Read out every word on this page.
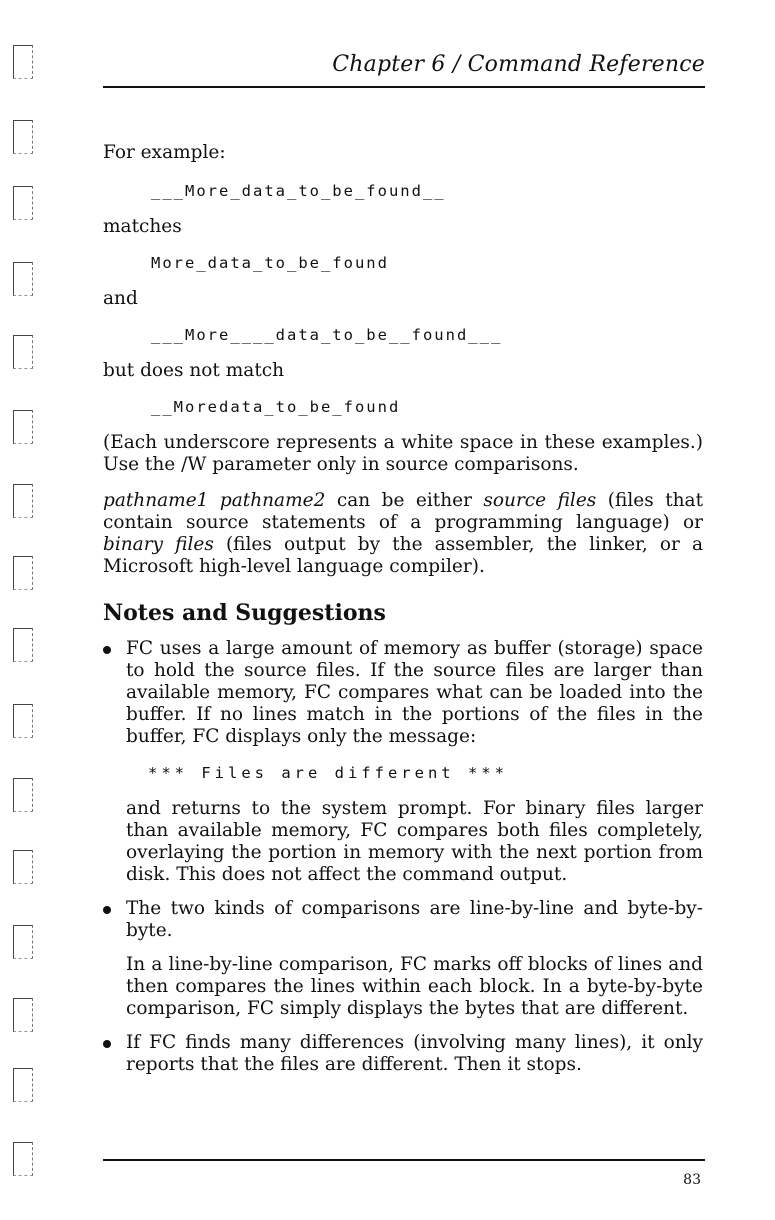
Chapter 6 / Command Reference

For example:

___More_data_to_be_found__

matches

More_data_to_be_found

and

___More____data_to_be__found___

but does not match

__Moredata_to_be_found

(Each underscore represents a white space in these examples.) Use the /W parameter only in source comparisons.

pathname1 pathname2 can be either source files (files that contain source statements of a programming language) or binary files (files output by the assembler, the linker, or a Microsoft high-level language compiler).

Notes and Suggestions

FC uses a large amount of memory as buffer (storage) space to hold the source files. If the source files are larger than available memory, FC compares what can be loaded into the buffer. If no lines match in the portions of the files in the buffer, FC displays only the message:

*** Files are different ***

and returns to the system prompt. For binary files larger than available memory, FC compares both files completely, overlaying the portion in memory with the next portion from disk. This does not affect the command output.

The two kinds of comparisons are line-by-line and byte-by-byte.

In a line-by-line comparison, FC marks off blocks of lines and then compares the lines within each block. In a byte-by-byte comparison, FC simply displays the bytes that are different.

If FC finds many differences (involving many lines), it only reports that the files are different. Then it stops.

83
